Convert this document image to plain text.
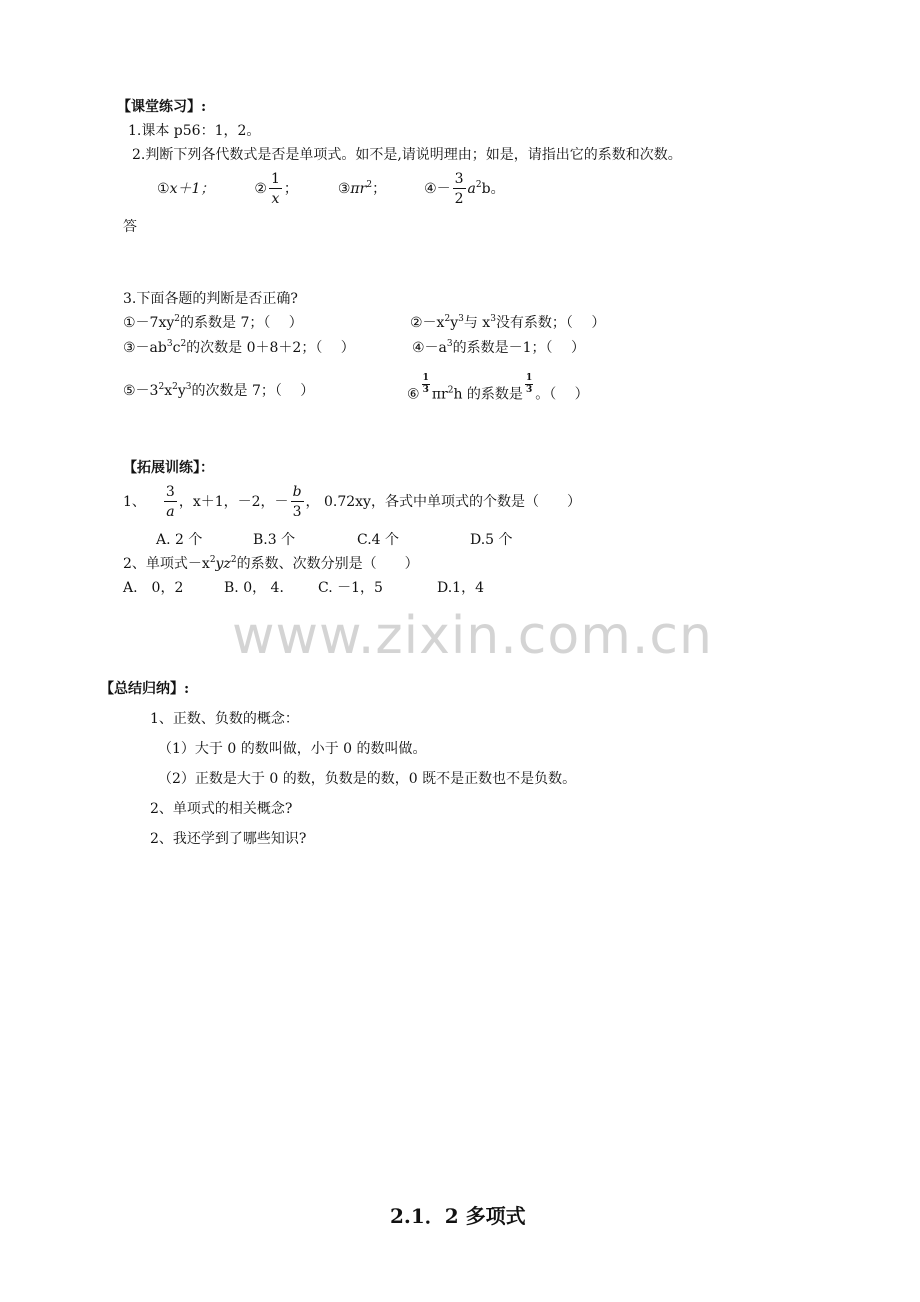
www.zixin.com.cn
【课堂练习】:
1.课本 p56：1，2。
2.判断下列各代数式是否是单项式。如不是,请说明理由；如是，请指出它的系数和次数。
①x＋1；	② $\frac{1}{x}$ ；	$③\pi r^2$；	④－ $\frac{3}{2} a^2b$。
答
3.下面各题的判断是否正确?
$①-7xy^2$的系数是 7；（　 ）	$②-x^2y^3$与 $x^3$没有系数；（　 ）
$③-ab^3c^2$的次数是 0＋8＋2；（　 ）	$④-a^3$的系数是－1；（　 ）
$⑤-3^2x^2y^3$的次数是 7；（　 ）	⑥ $\frac{1}{3} \pi r^2h$ 的系数是 $\frac{1}{3}$ 。（　 ）
【拓展训练】：
1、 $\frac{3}{a}$ ，x＋1，－2，－ $\frac{b}{3}$ ， 0.72xy，各式中单项式的个数是（　　）
A. 2 个	B.3 个	C.4 个	D.5 个
2、单项式$-x^2yz^2$的系数、次数分别是（　　）
A.　0，2	B. 0， 4． C. －1，5	D.1，4
【总结归纳】:
1、正数、负数的概念：
（1）大于 0 的数叫做，小于 0 的数叫做。
（2）正数是大于 0 的数，负数是的数，0 既不是正数也不是负数。
2、单项式的相关概念?
2、我还学到了哪些知识?
2.1．2 多项式
